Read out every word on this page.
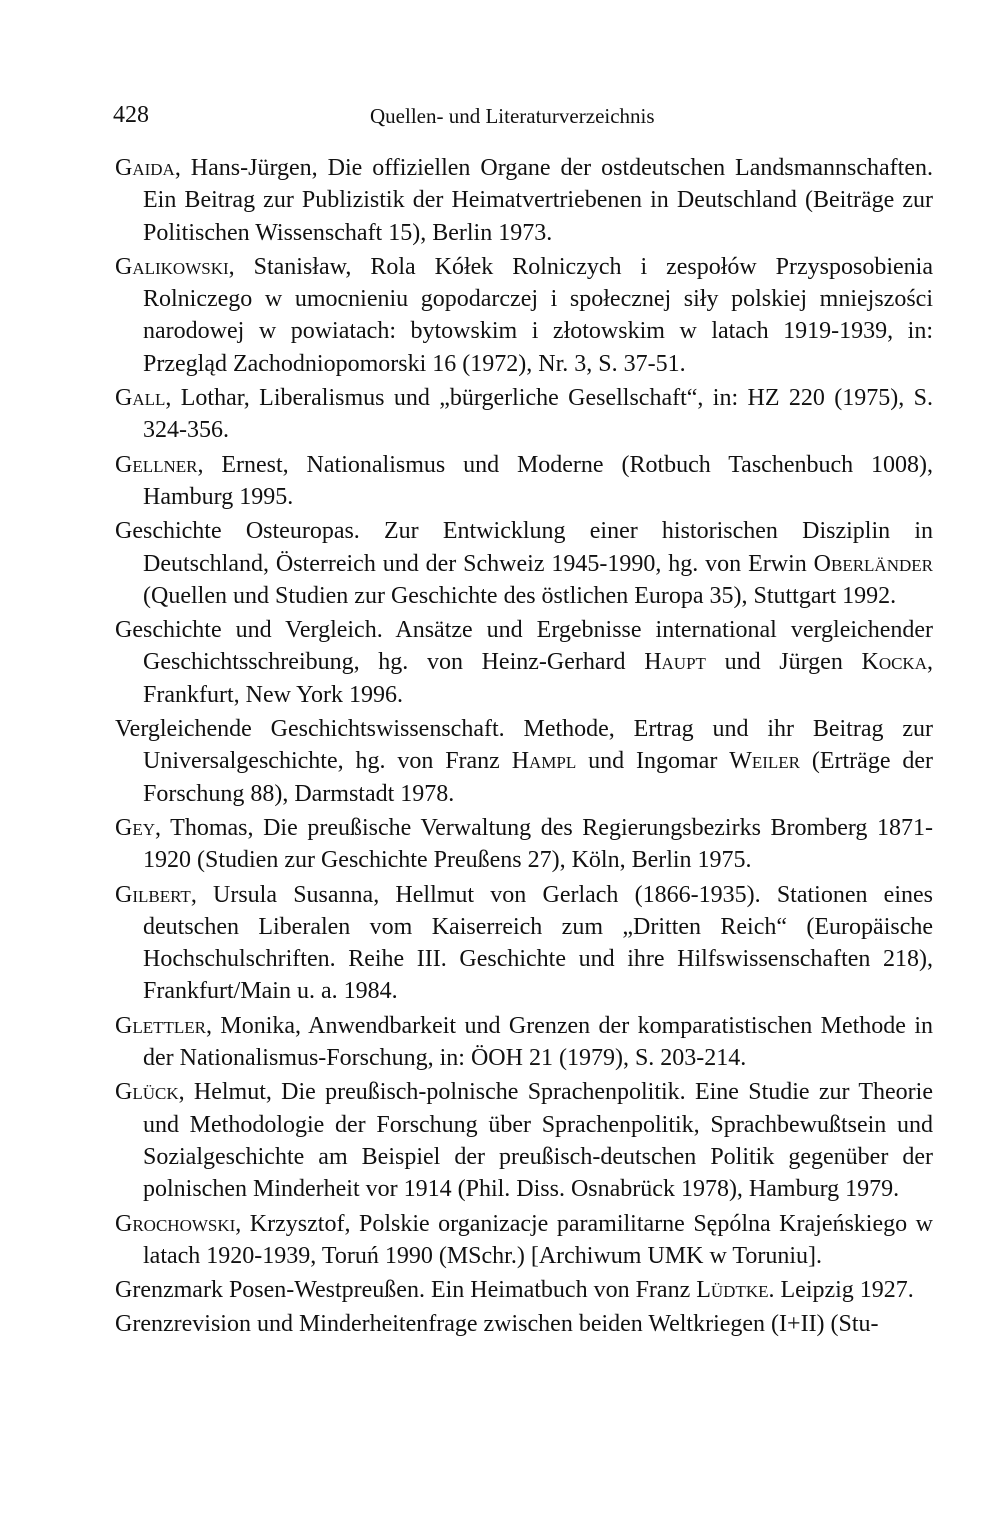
428	Quellen- und Literaturverzeichnis

Gaida, Hans-Jürgen, Die offiziellen Organe der ostdeutschen Landsmannschaften. Ein Beitrag zur Publizistik der Heimatvertriebenen in Deutschland (Beiträge zur Politischen Wissenschaft 15), Berlin 1973.

Galikowski, Stanisław, Rola Kółek Rolniczych i zespołów Przysposobienia Rolniczego w umocnieniu gopodarczej i społecznej siły polskiej mniejszości narodowej w powiatach: bytowskim i złotowskim w latach 1919-1939, in: Przegląd Zachodniopomorski 16 (1972), Nr. 3, S. 37-51.

Gall, Lothar, Liberalismus und „bürgerliche Gesellschaft“, in: HZ 220 (1975), S. 324-356.

Gellner, Ernest, Nationalismus und Moderne (Rotbuch Taschenbuch 1008), Hamburg 1995.

Geschichte Osteuropas. Zur Entwicklung einer historischen Disziplin in Deutschland, Österreich und der Schweiz 1945-1990, hg. von Erwin Oberländer (Quellen und Studien zur Geschichte des östlichen Europa 35), Stuttgart 1992.

Geschichte und Vergleich. Ansätze und Ergebnisse international vergleichender Geschichtsschreibung, hg. von Heinz-Gerhard Haupt und Jürgen Kocka, Frankfurt, New York 1996.

Vergleichende Geschichtswissenschaft. Methode, Ertrag und ihr Beitrag zur Universalgeschichte, hg. von Franz Hampl und Ingomar Weiler (Erträge der Forschung 88), Darmstadt 1978.

Gey, Thomas, Die preußische Verwaltung des Regierungsbezirks Bromberg 1871-1920 (Studien zur Geschichte Preußens 27), Köln, Berlin 1975.

Gilbert, Ursula Susanna, Hellmut von Gerlach (1866-1935). Stationen eines deutschen Liberalen vom Kaiserreich zum „Dritten Reich“ (Europäische Hochschulschriften. Reihe III. Geschichte und ihre Hilfswissenschaften 218), Frankfurt/Main u. a. 1984.

Glettler, Monika, Anwendbarkeit und Grenzen der komparatistischen Methode in der Nationalismus-Forschung, in: ÖOH 21 (1979), S. 203-214.

Glück, Helmut, Die preußisch-polnische Sprachenpolitik. Eine Studie zur Theorie und Methodologie der Forschung über Sprachenpolitik, Sprachbewußtsein und Sozialgeschichte am Beispiel der preußisch-deutschen Politik gegenüber der polnischen Minderheit vor 1914 (Phil. Diss. Osnabrück 1978), Hamburg 1979.

Grochowski, Krzysztof, Polskie organizacje paramilitarne Sępólna Krajeńskiego w latach 1920-1939, Toruń 1990 (MSchr.) [Archiwum UMK w Toruniu].

Grenzmark Posen-Westpreußen. Ein Heimatbuch von Franz Lüdtke. Leipzig 1927.

Grenzrevision und Minderheitenfrage zwischen beiden Weltkriegen (I+II) (Stu-
